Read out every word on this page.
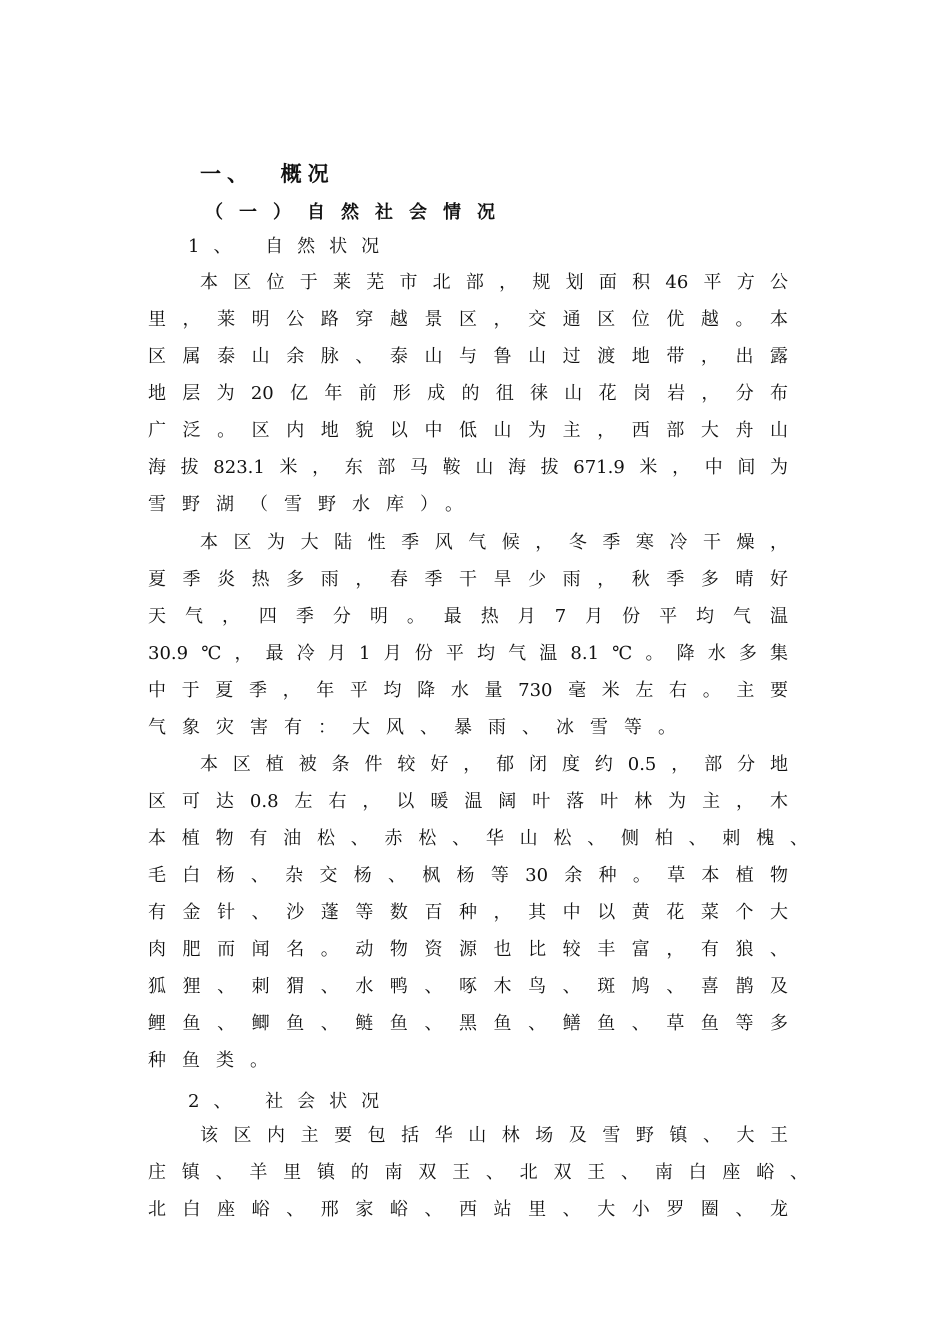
一、  概况
（一）自然社会情况
1、 自然状况
本区位于莱芜市北部，规划面积46平方公
里，莱明公路穿越景区，交通区位优越。本
区属泰山余脉、泰山与鲁山过渡地带，出露
地层为20亿年前形成的徂徕山花岗岩，分布
广泛。区内地貌以中低山为主，西部大舟山
海拔823.1米，东部马鞍山海拔671.9米，中间为
雪野湖（雪野水库）。
本区为大陆性季风气候，冬季寒冷干燥，
夏季炎热多雨，春季干旱少雨，秋季多晴好
天气，四季分明。最热月7月份平均气温
30.9℃，最冷月1月份平均气温8.1℃。降水多集
中于夏季，年平均降水量730毫米左右。主要
气象灾害有：大风、暴雨、冰雪等。
本区植被条件较好，郁闭度约0.5，部分地
区可达0.8左右，以暖温阔叶落叶林为主，木
本植物有油松、赤松、华山松、侧柏、刺槐、
毛白杨、杂交杨、枫杨等30余种。草本植物
有金针、沙蓬等数百种，其中以黄花菜个大
肉肥而闻名。动物资源也比较丰富，有狼、
狐狸、刺猬、水鸭、啄木鸟、斑鸠、喜鹊及
鲤鱼、鲫鱼、鲢鱼、黑鱼、鳝鱼、草鱼等多
种鱼类。
2、 社会状况
该区内主要包括华山林场及雪野镇、大王
庄镇、羊里镇的南双王、北双王、南白座峪、
北白座峪、邢家峪、西站里、大小罗圈、龙
